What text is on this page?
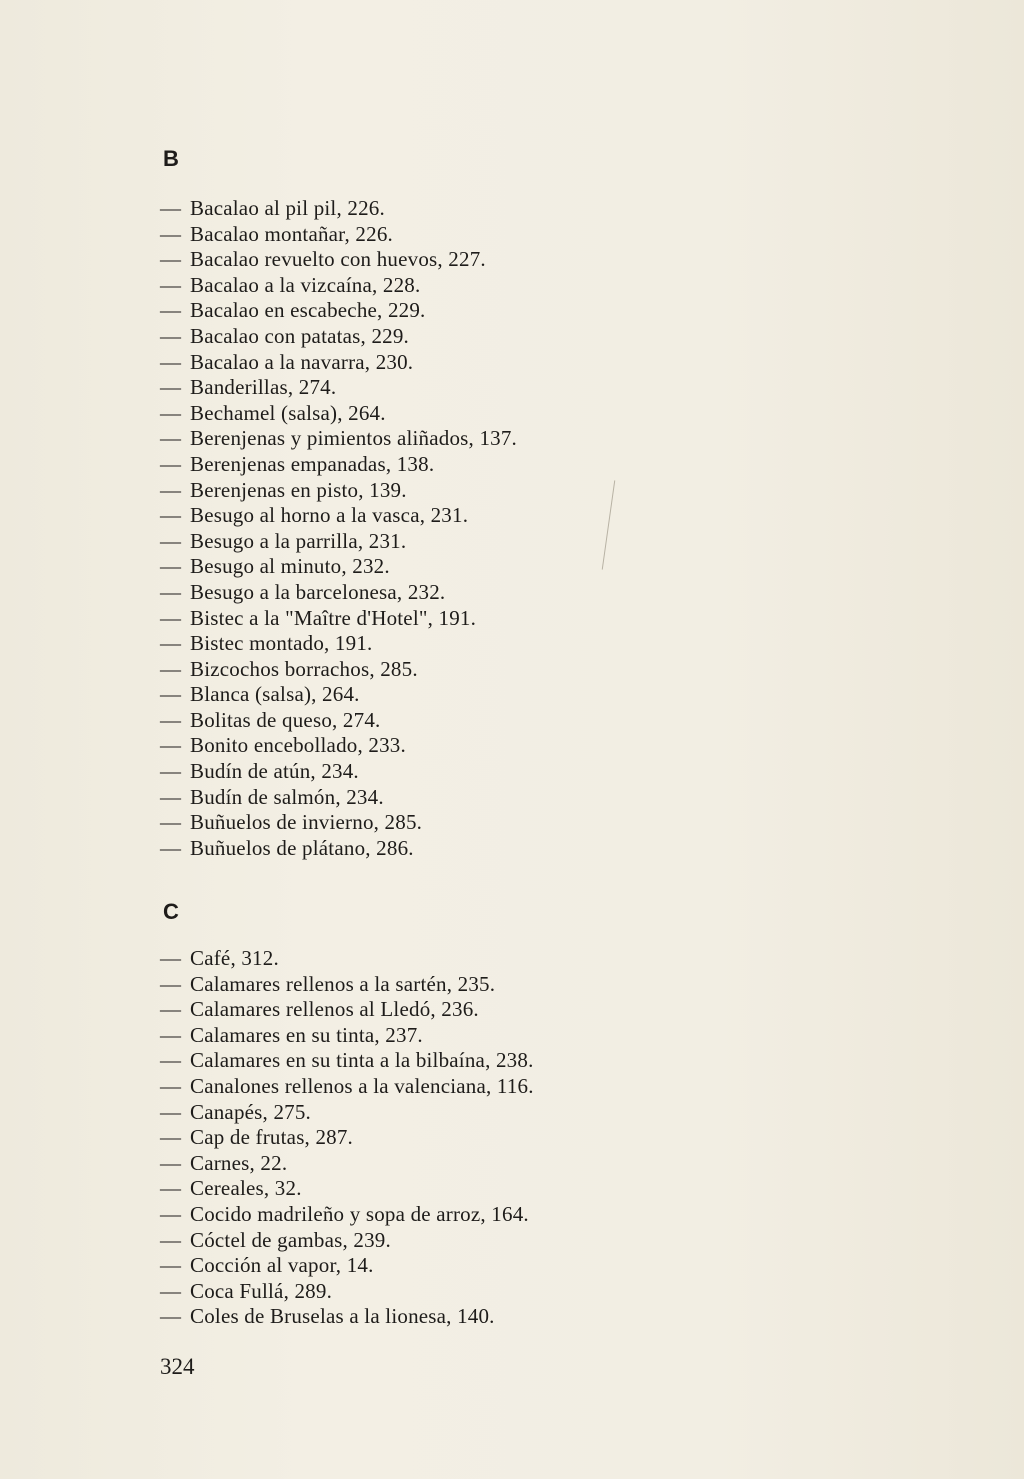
B
— Bacalao al pil pil, 226.
— Bacalao montañar, 226.
— Bacalao revuelto con huevos, 227.
— Bacalao a la vizcaína, 228.
— Bacalao en escabeche, 229.
— Bacalao con patatas, 229.
— Bacalao a la navarra, 230.
— Banderillas, 274.
— Bechamel (salsa), 264.
— Berenjenas y pimientos aliñados, 137.
— Berenjenas empanadas, 138.
— Berenjenas en pisto, 139.
— Besugo al horno a la vasca, 231.
— Besugo a la parrilla, 231.
— Besugo al minuto, 232.
— Besugo a la barcelonesa, 232.
— Bistec a la "Maître d'Hotel", 191.
— Bistec montado, 191.
— Bizcochos borrachos, 285.
— Blanca (salsa), 264.
— Bolitas de queso, 274.
— Bonito encebollado, 233.
— Budín de atún, 234.
— Budín de salmón, 234.
— Buñuelos de invierno, 285.
— Buñuelos de plátano, 286.
C
— Café, 312.
— Calamares rellenos a la sartén, 235.
— Calamares rellenos al Lledó, 236.
— Calamares en su tinta, 237.
— Calamares en su tinta a la bilbaína, 238.
— Canalones rellenos a la valenciana, 116.
— Canapés, 275.
— Cap de frutas, 287.
— Carnes, 22.
— Cereales, 32.
— Cocido madrileño y sopa de arroz, 164.
— Cóctel de gambas, 239.
— Cocción al vapor, 14.
— Coca Fullá, 289.
— Coles de Bruselas a la lionesa, 140.
324
